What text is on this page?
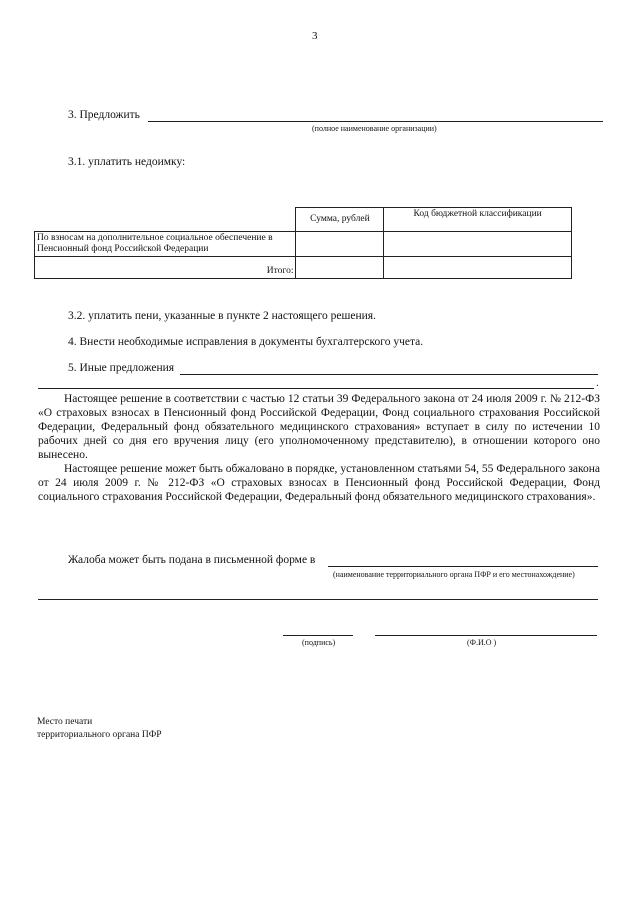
3
3. Предложить
(полное наименование организации)
3.1. уплатить недоимку:
	Сумма, рублей	Код бюджетной классификации
По взносам на дополнительное социальное обеспечение в Пенсионный фонд Российской Федерации		
Итого:		
3.2. уплатить пени, указанные в пункте 2 настоящего решения.
4. Внести необходимые исправления в документы бухгалтерского учета.
5. Иные предложения
.
Настоящее решение в соответствии с частью 12 статьи 39 Федерального закона от 24 июля 2009 г. № 212-ФЗ «О страховых взносах в Пенсионный фонд Российской Федерации, Фонд социального страхования Российской Федерации, Федеральный фонд обязательного медицинского страхования» вступает в силу по истечении 10 рабочих дней со дня его вручения лицу (его уполномоченному представителю), в отношении которого оно вынесено.
Настоящее решение может быть обжаловано в порядке, установленном статьями 54, 55 Федерального закона от 24 июля 2009 г. № 212-ФЗ «О страховых взносах в Пенсионный фонд Российской Федерации, Фонд социального страхования Российской Федерации, Федеральный фонд обязательного медицинского страхования».
Жалоба может быть подана в письменной форме в
(наименование территориального органа ПФР и его местонахождение)
(подпись)	(Ф.И.О )
Место печати
территориального органа ПФР
